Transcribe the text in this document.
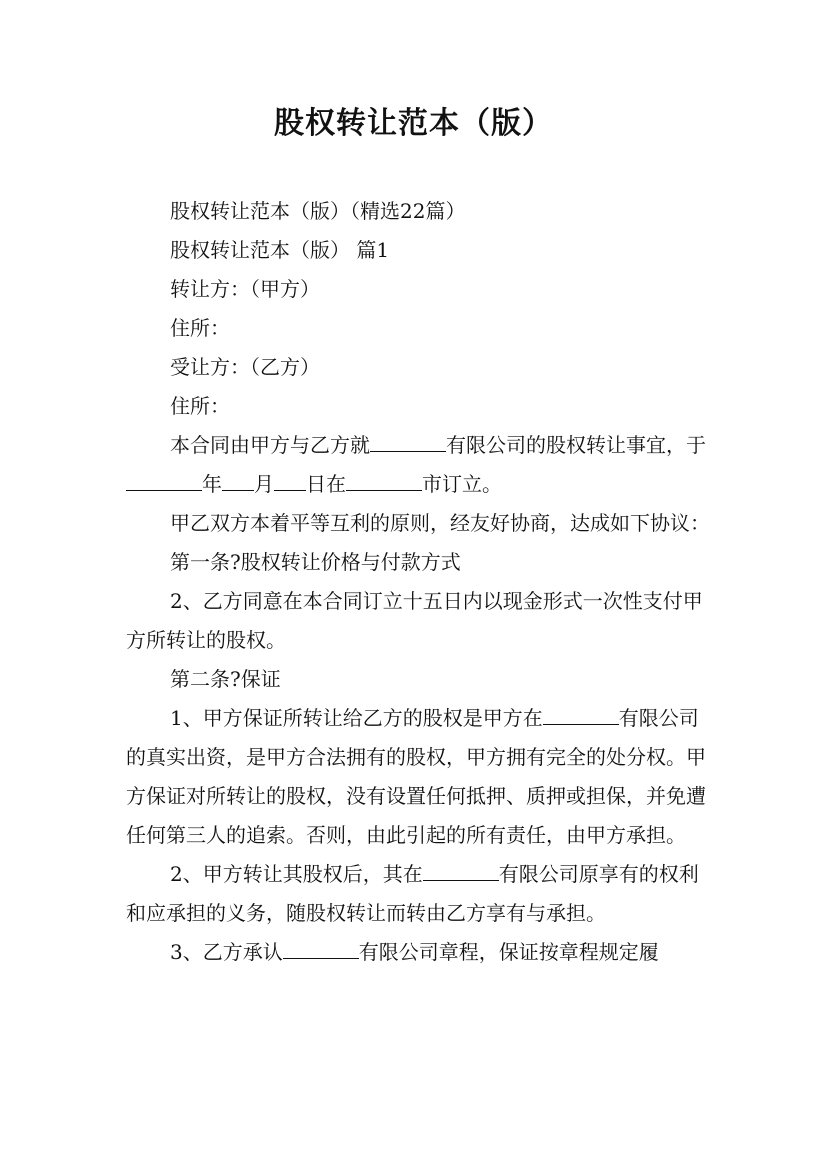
股权转让范本（版）

股权转让范本（版）（精选22篇）

股权转让范本（版） 篇1

转让方：（甲方）

住所：

受让方：（乙方）

住所：

本合同由甲方与乙方就	有限公司的股权转让事宜，于年 月 日在	市订立。

甲乙双方本着平等互利的原则，经友好协商，达成如下协议：

第一条?股权转让价格与付款方式

2、乙方同意在本合同订立十五日内以现金形式一次性支付甲方所转让的股权。

第二条?保证

1、甲方保证所转让给乙方的股权是甲方在	有限公司的真实出资，是甲方合法拥有的股权，甲方拥有完全的处分权。甲方保证对所转让的股权，没有设置任何抵押、质押或担保，并免遭任何第三人的追索。否则，由此引起的所有责任，由甲方承担。

2、甲方转让其股权后，其在	有限公司原享有的权利和应承担的义务，随股权转让而转由乙方享有与承担。

3、乙方承认	有限公司章程，保证按章程规定履
